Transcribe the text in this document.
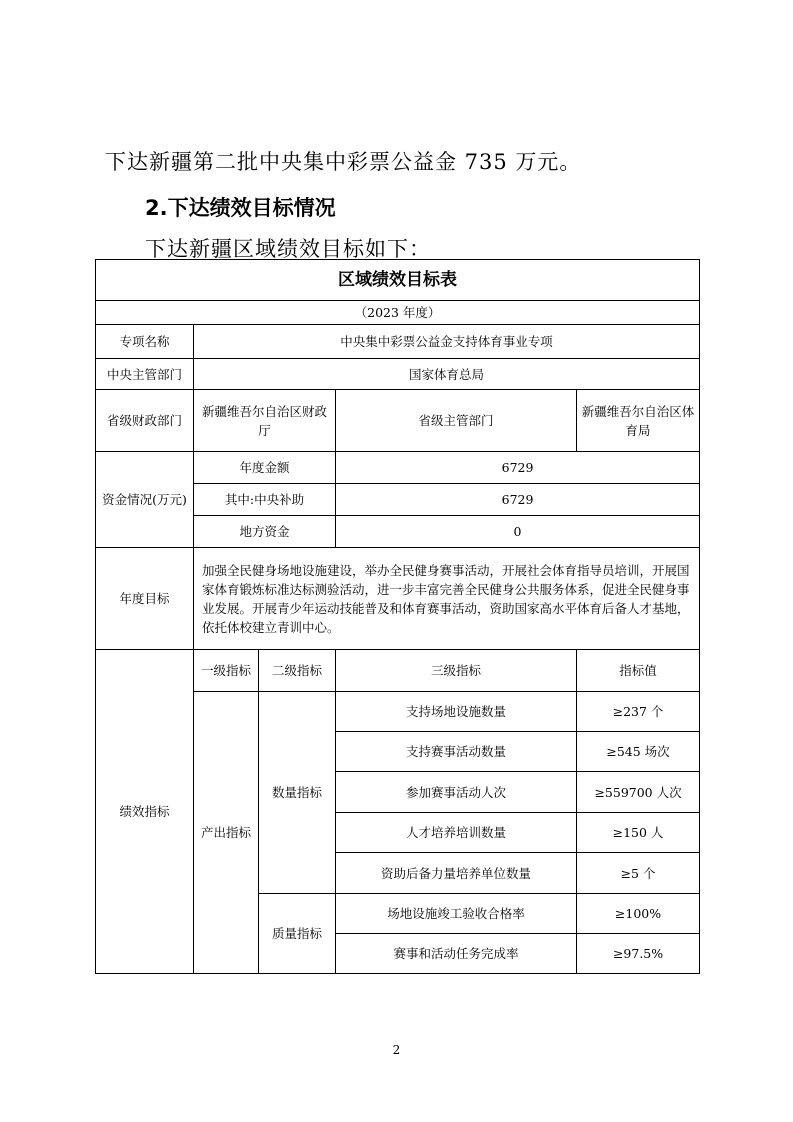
下达新疆第二批中央集中彩票公益金 735 万元。
2.下达绩效目标情况
下达新疆区域绩效目标如下：
区域绩效目标表				
（2023 年度）				
专项名称	中央集中彩票公益金支持体育事业专项			
中央主管部门	国家体育总局			
省级财政部门	新疆维吾尔自治区财政厅		省级主管部门	新疆维吾尔自治区体育局
资金情况(万元)	年度金额		6729	
	其中:中央补助		6729	
	地方资金		0	
年度目标	加强全民健身场地设施建设，举办全民健身赛事活动，开展社会体育指导员培训，开展国家体育锻炼标准达标测验活动，进一步丰富完善全民健身公共服务体系，促进全民健身事业发展。开展青少年运动技能普及和体育赛事活动，资助国家高水平体育后备人才基地，依托体校建立青训中心。			
绩效指标	一级指标	二级指标	三级指标	指标值
	产出指标	数量指标	支持场地设施数量	≥237 个
			支持赛事活动数量	≥545 场次
			参加赛事活动人次	≥559700 人次
			人才培养培训数量	≥150 人
			资助后备力量培养单位数量	≥5 个
		质量指标	场地设施竣工验收合格率	≥100%
			赛事和活动任务完成率	≥97.5%
2
